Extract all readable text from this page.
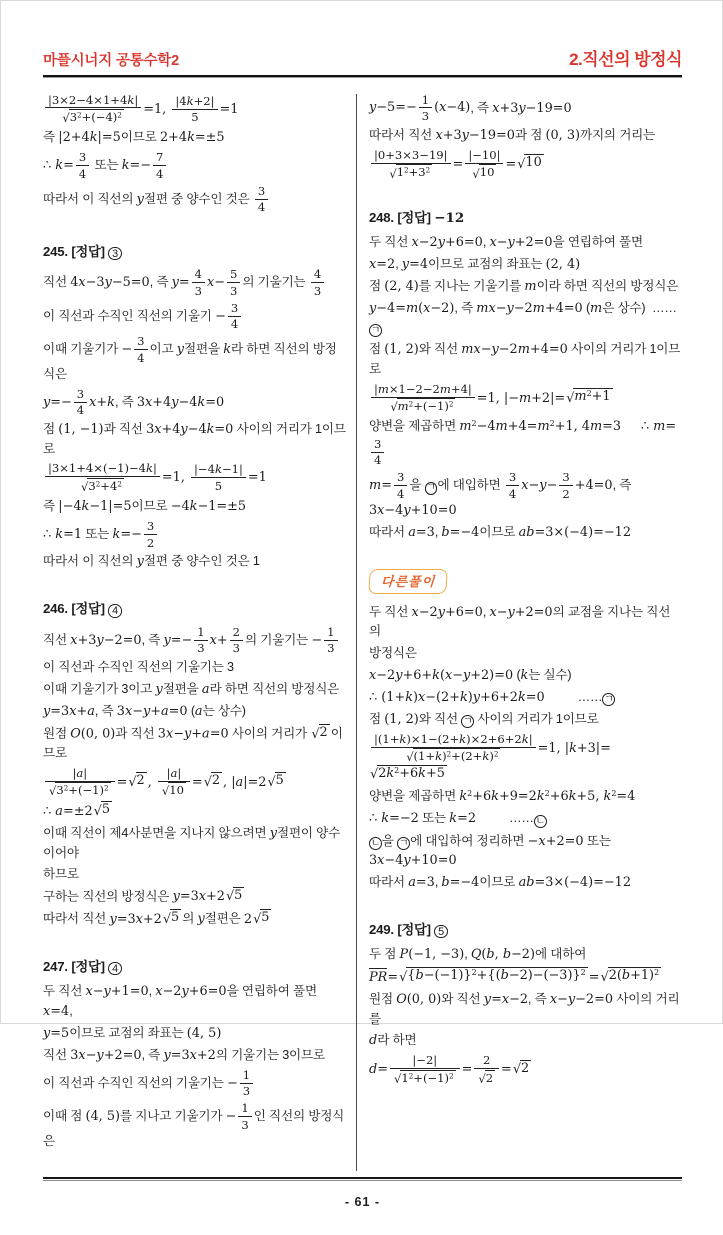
마플시너지 공통수학2	2.직선의 방정식
$\frac{|3\times 2-4\times 1+4k|}{√ 3^2+(-4)^2} =1$, $\frac{|4k+2|}{5} =1$
즉 |2+4k|=5이므로 2+4k=±5
∴ $k= \frac{3}{4}$ 또는 $k=- \frac{7}{4}$
따라서 이 직선의 y절편 중 양수인 것은 $\frac{3}{4}$
245. [정답] 3
직선 4x−3y−5=0, 즉 $y= \frac{4}{3} x- \frac{5}{3}$ 의 기울기는 $\frac{4}{3}$
이 직선과 수직인 직선의 기울기 − $\frac{3}{4}$
이때 기울기가 − $\frac{3}{4}$ 이고 y절편을 k라 하면 직선의 방정식은
$y=- \frac{3}{4} x+k$, 즉 3x+4y−4k=0
점 (1, −1)과 직선 3x+4y−4k=0 사이의 거리가 1이므로
$\frac{|3\times 1+4\times(-1)-4k|}{√ 3^2+4^2} =1$, $\frac{|-4k-1|}{5} =1$
즉 |−4k−1|=5이므로 −4k−1=±5
∴ k=1 또는 $k=- \frac{3}{2}$
따라서 이 직선의 y절편 중 양수인 것은 1
246. [정답] 4
직선 x+3y−2=0, 즉 $y=- \frac{1}{3} x+ \frac{2}{3}$ 의 기울기는 − $\frac{1}{3}$
이 직선과 수직인 직선의 기울기는 3
이때 기울기가 3이고 y절편을 a라 하면 직선의 방정식은
y=3x+a, 즉 3x−y+a=0 (a는 상수)
원점 O(0, 0)과 직선 3x−y+a=0 사이의 거리가 √ 2 이므로
$\frac{|a|}{√ 3^2+(-1)^2}$ = √ 2 , $\frac{|a|}{√ 10}$ = √ 2 , |a|=2 √ 5
∴ a=±2 √ 5
이때 직선이 제4사분면을 지나지 않으려면 y절편이 양수이어야
하므로
구하는 직선의 방정식은 y=3x+2 √ 5
따라서 직선 y=3x+2 √ 5 의 y절편은 2 √ 5
247. [정답] 4
두 직선 x−y+1=0, x−2y+6=0을 연립하여 풀면 x=4,
y=5이므로 교점의 좌표는 (4, 5)
직선 3x−y+2=0, 즉 y=3x+2의 기울기는 3이므로
이 직선과 수직인 직선의 기울기는 − $\frac{1}{3}$
이때 점 (4, 5)를 지나고 기울기가 − $\frac{1}{3}$ 인 직선의 방정식은
$y-5=- \frac{1}{3} (x-4)$, 즉 x+3y−19=0
따라서 직선 x+3y−19=0과 점 (0, 3)까지의 거리는
$\frac{|0+3\times 3-19|}{√ 1^2+3^2} = \frac{|-10|}{√ 10}$ = √ 10
248. [정답] −12
두 직선 x−2y+6=0, x−y+2=0을 연립하여 풀면
x=2, y=4이므로 교점의 좌표는 (2, 4)
점 (2, 4)를 지나는 기울기를 m이라 하면 직선의 방정식은
y−4=m(x−2), 즉 mx−y−2m+4=0 (m은 상수)  ……ㄱ
점 (1, 2)와 직선 mx−y−2m+4=0 사이의 거리가 1이므로
$\frac{|m\times 1-2-2m+4|}{√ m^2+(-1)^2} =1$, |−m+2|= √ $m^2+1$
양변을 제곱하면 $m^2-4m+4=m^2+1$, 4m=3 ∴ m=
$\frac{3}{4}$
$m= \frac{3}{4}$ 을 ㄱ 에 대입하면 $\frac{3}{4} x-y- \frac{3}{2} +4=0$, 즉 3x−4y+10=0
따라서 a=3, b=−4이므로 ab=3×(−4)=−12
다른풀이
두 직선 x−2y+6=0, x−y+2=0의 교점을 지나는 직선의
방정식은
x−2y+6+k(x−y+2)=0 (k는 실수)
∴ (1+k)x−(2+k)y+6+2k=0          …… ㄱ
점 (1, 2)와 직선 ㄱ 사이의 거리가 1이므로
$\frac{|(1+k)\times 1-(2+k)\times 2+6+2k|}{√ (1+k)^2+(2+k)^2} =1$, |k+3|=
√ $2k^2+6k+5$
양변을 제곱하면 $k^2+6k+9=2k^2+6k+5$, $k^2=4$
∴ k=−2 또는 k=2          …… ㄴ
ㄴ 을 ㄱ 에 대입하여 정리하면 −x+2=0 또는 3x−4y+10=0
따라서 a=3, b=−4이므로 ab=3×(−4)=−12
249. [정답] 5
두 점 P(−1, −3), Q(b, b−2)에 대하여
PR= √ $\{b-(-1)\}^2+\{(b-2)-(-3)\}^2$ = √ $2(b+1)^2$
원점 O(0, 0)와 직선 y=x−2, 즉 x−y−2=0 사이의 거리를
d라 하면
$d= \frac{|-2|}{√ 1^2+(-1)^2} = \frac{2}{√ 2}$ = √ 2
- 61 -
